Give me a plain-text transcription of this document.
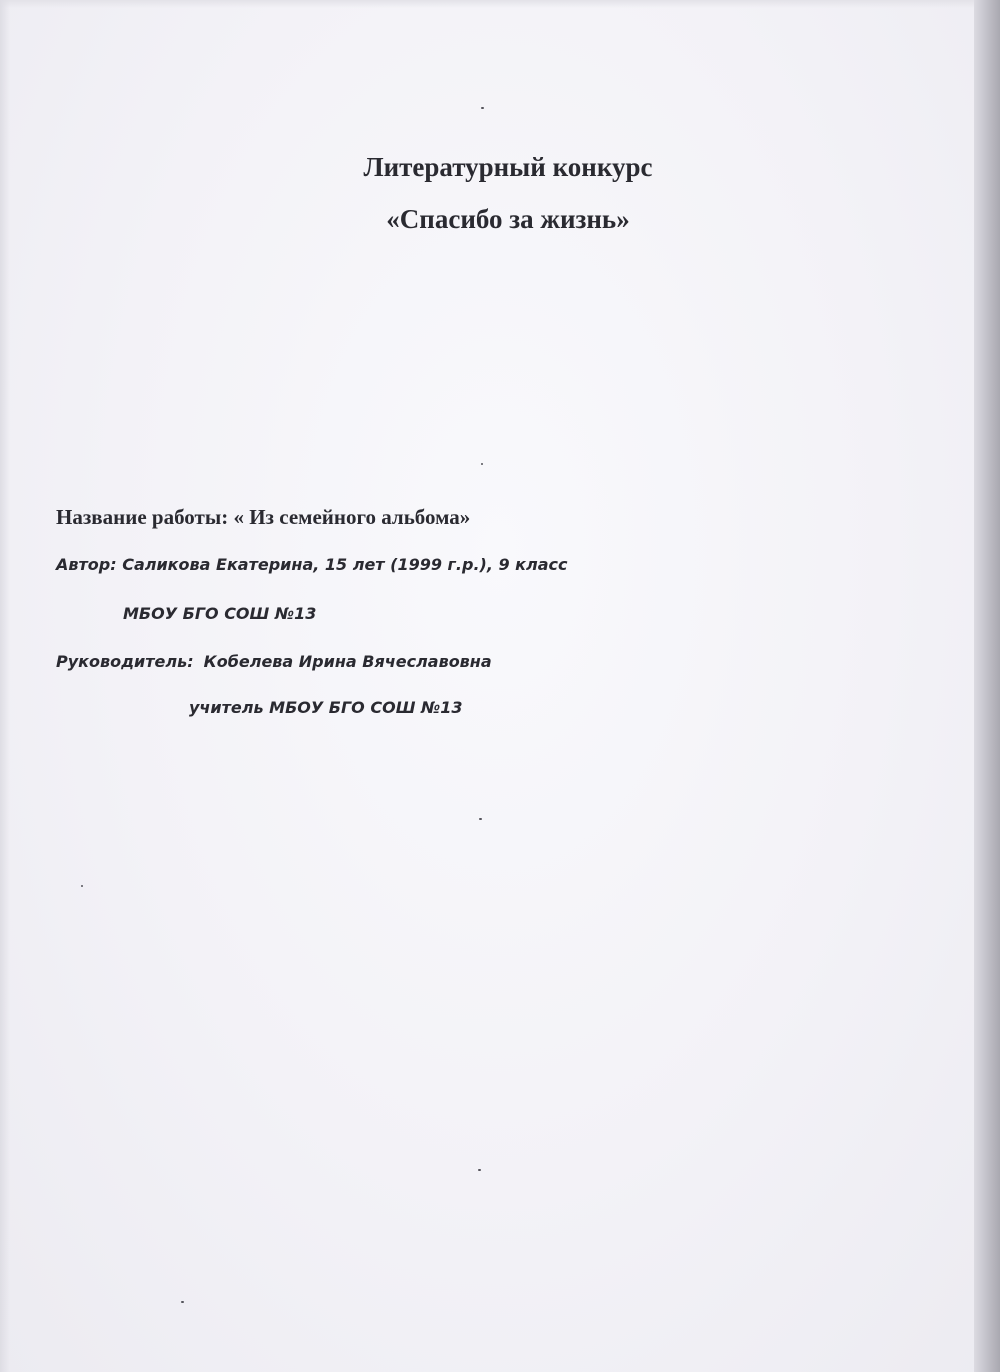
Литературный конкурс
«Спасибо за жизнь»
Название работы: « Из семейного альбома»
Автор: Саликова Екатерина, 15 лет (1999 г.р.), 9 класс
МБОУ БГО СОШ №13
Руководитель: Кобелева Ирина Вячеславовна
учитель МБОУ БГО СОШ №13
